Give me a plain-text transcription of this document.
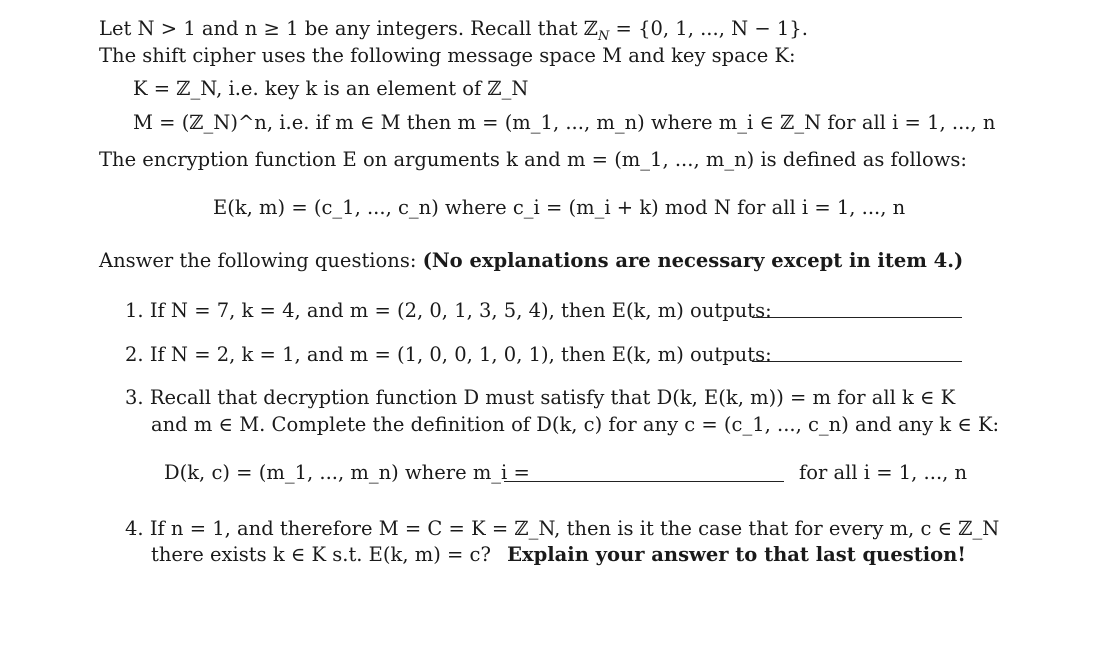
Let N > 1 and n ≥ 1 be any integers. Recall that ℤ$_N$ = {0, 1, ..., N − 1}.
The shift cipher uses the following message space M and key space K:
K = ℤ_N, i.e. key k is an element of ℤ_N
M = (ℤ_N)^n, i.e. if m ∈ M then m = (m_1, ..., m_n) where m_i ∈ ℤ_N for all i = 1, ..., n
The encryption function E on arguments k and m = (m_1, ..., m_n) is defined as follows:
E(k, m) = (c_1, ..., c_n) where c_i = (m_i + k) mod N for all i = 1, ..., n
Answer the following questions: (No explanations are necessary except in item 4.)
1. If N = 7, k = 4, and m = (2, 0, 1, 3, 5, 4), then E(k, m) outputs:
2. If N = 2, k = 1, and m = (1, 0, 0, 1, 0, 1), then E(k, m) outputs:
3. Recall that decryption function D must satisfy that D(k, E(k, m)) = m for all k ∈ K
and m ∈ M. Complete the definition of D(k, c) for any c = (c_1, ..., c_n) and any k ∈ K:
D(k, c) = (m_1, ..., m_n) where m_i =	for all i = 1, ..., n
4. If n = 1, and therefore M = C = K = ℤ_N, then is it the case that for every m, c ∈ ℤ_N
there exists k ∈ K s.t. E(k, m) = c? Explain your answer to that last question!
